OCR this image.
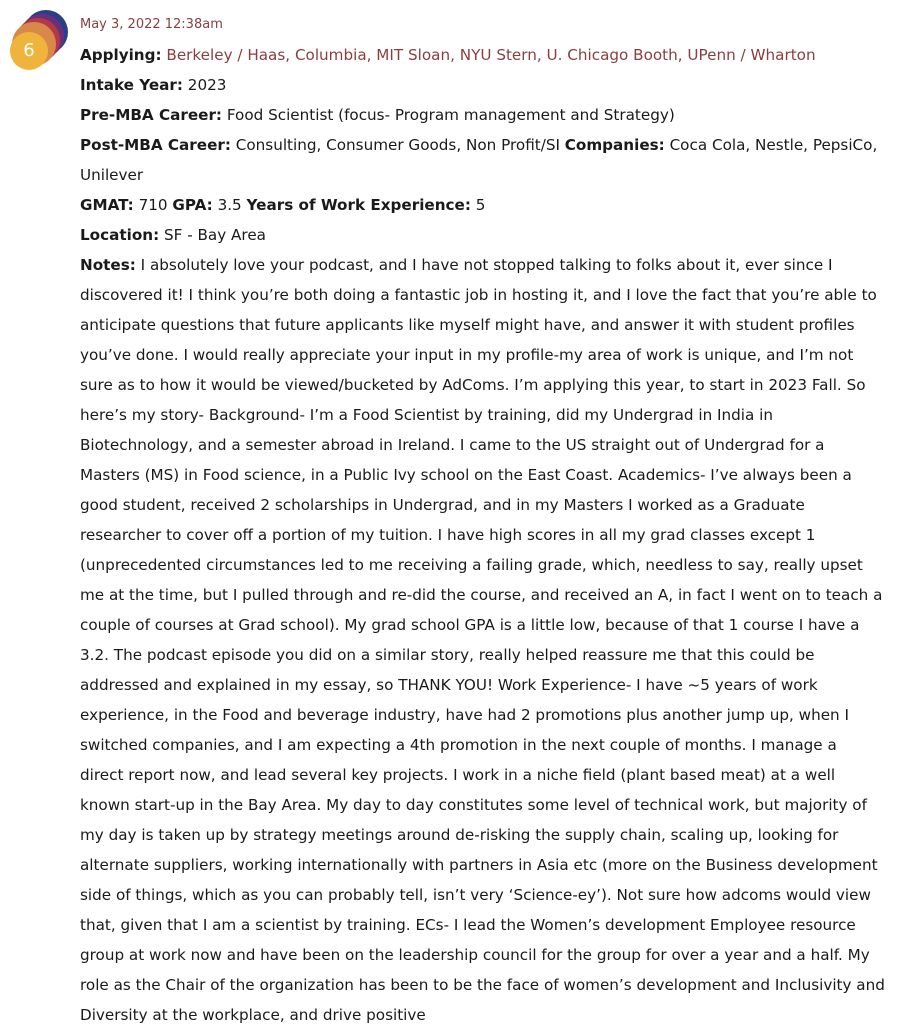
6
May 3, 2022 12:38am
Applying: Berkeley / Haas, Columbia, MIT Sloan, NYU Stern, U. Chicago Booth, UPenn / Wharton
Intake Year: 2023
Pre-MBA Career: Food Scientist (focus- Program management and Strategy)
Post-MBA Career: Consulting, Consumer Goods, Non Profit/SI Companies: Coca Cola, Nestle, PepsiCo, Unilever
GMAT: 710 GPA: 3.5 Years of Work Experience: 5
Location: SF - Bay Area
Notes: I absolutely love your podcast, and I have not stopped talking to folks about it, ever since I discovered it! I think you’re both doing a fantastic job in hosting it, and I love the fact that you’re able to anticipate questions that future applicants like myself might have, and answer it with student profiles you’ve done. I would really appreciate your input in my profile-my area of work is unique, and I’m not sure as to how it would be viewed/bucketed by AdComs. I’m applying this year, to start in 2023 Fall. So here’s my story- Background- I’m a Food Scientist by training, did my Undergrad in India in Biotechnology, and a semester abroad in Ireland. I came to the US straight out of Undergrad for a Masters (MS) in Food science, in a Public Ivy school on the East Coast. Academics- I’ve always been a good student, received 2 scholarships in Undergrad, and in my Masters I worked as a Graduate researcher to cover off a portion of my tuition. I have high scores in all my grad classes except 1 (unprecedented circumstances led to me receiving a failing grade, which, needless to say, really upset me at the time, but I pulled through and re-did the course, and received an A, in fact I went on to teach a couple of courses at Grad school). My grad school GPA is a little low, because of that 1 course I have a 3.2. The podcast episode you did on a similar story, really helped reassure me that this could be addressed and explained in my essay, so THANK YOU! Work Experience- I have ~5 years of work experience, in the Food and beverage industry, have had 2 promotions plus another jump up, when I switched companies, and I am expecting a 4th promotion in the next couple of months. I manage a direct report now, and lead several key projects. I work in a niche field (plant based meat) at a well known start-up in the Bay Area. My day to day constitutes some level of technical work, but majority of my day is taken up by strategy meetings around de-risking the supply chain, scaling up, looking for alternate suppliers, working internationally with partners in Asia etc (more on the Business development side of things, which as you can probably tell, isn’t very ‘Science-ey’). Not sure how adcoms would view that, given that I am a scientist by training. ECs- I lead the Women’s development Employee resource group at work now and have been on the leadership council for the group for over a year and a half. My role as the Chair of the organization has been to be the face of women’s development and Inclusivity and Diversity at the workplace, and drive positive
